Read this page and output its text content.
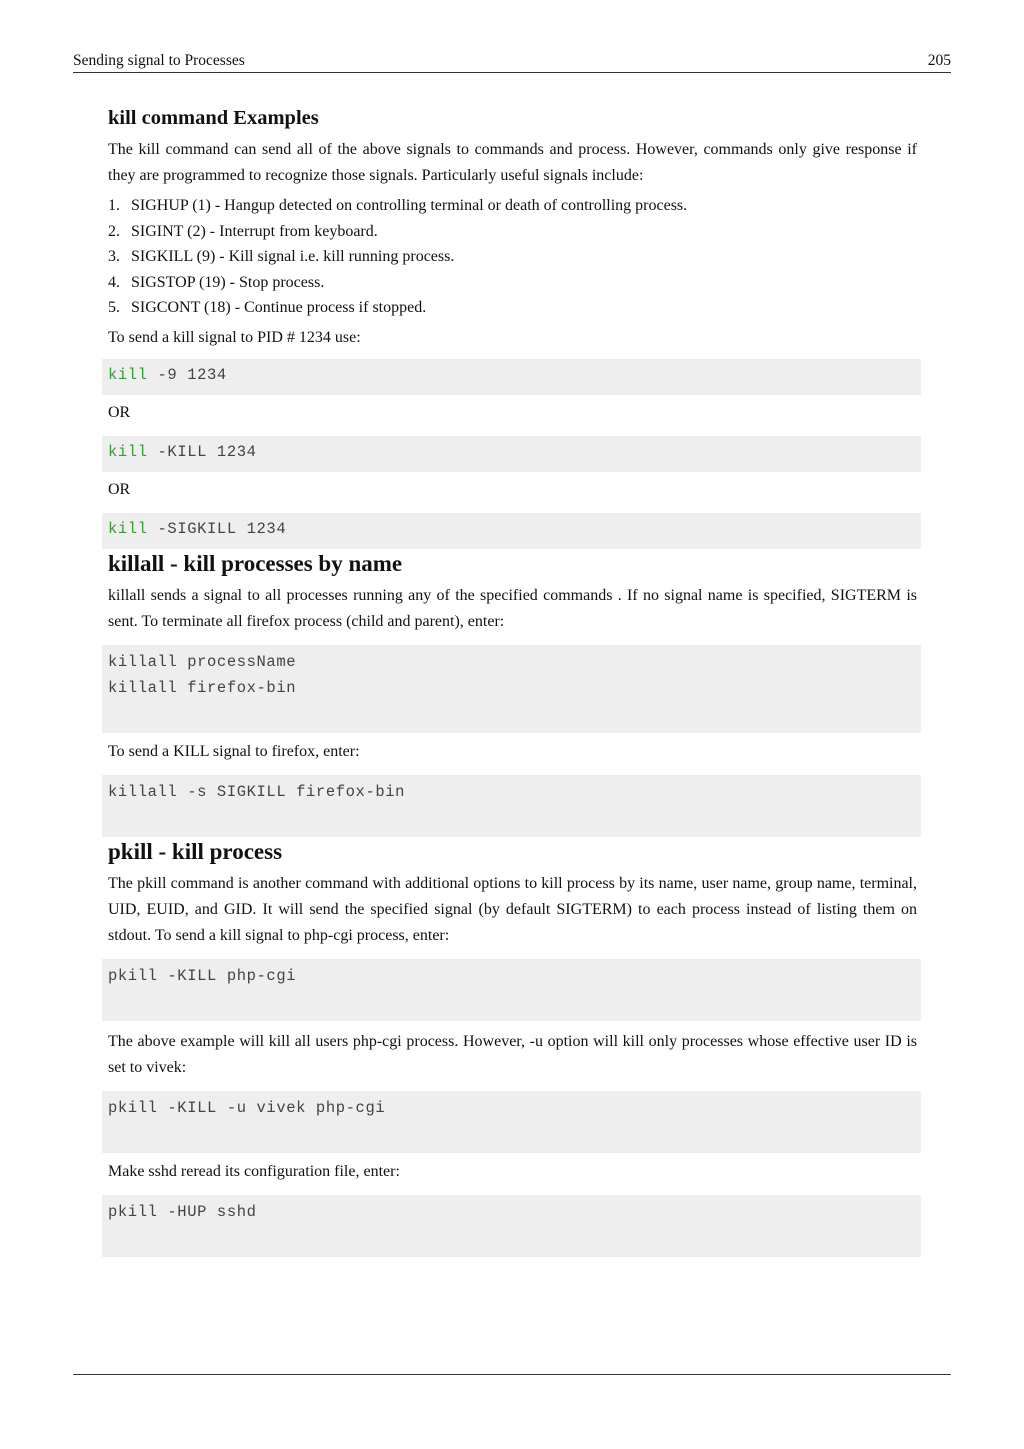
Sending signal to Processes	205
kill command Examples

The kill command can send all of the above signals to commands and process. However, commands only give response if they are programmed to recognize those signals. Particularly useful signals include:

1. SIGHUP (1) - Hangup detected on controlling terminal or death of controlling process.
2. SIGINT (2) - Interrupt from keyboard.
3. SIGKILL (9) - Kill signal i.e. kill running process.
4. SIGSTOP (19) - Stop process.
5. SIGCONT (18) - Continue process if stopped.

To send a kill signal to PID # 1234 use:

kill -9 1234

OR

kill -KILL 1234

OR

kill -SIGKILL 1234
killall - kill processes by name

killall sends a signal to all processes running any of the specified commands . If no signal name is specified, SIGTERM is sent. To terminate all firefox process (child and parent), enter:

killall processName
killall firefox-bin

To send a KILL signal to firefox, enter:

killall -s SIGKILL firefox-bin
pkill - kill process

The pkill command is another command with additional options to kill process by its name, user name, group name, terminal, UID, EUID, and GID. It will send the specified signal (by default SIGTERM) to each process instead of listing them on stdout. To send a kill signal to php-cgi process, enter:

pkill -KILL php-cgi

The above example will kill all users php-cgi process. However, -u option will kill only processes whose effective user ID is set to vivek:

pkill -KILL -u vivek php-cgi

Make sshd reread its configuration file, enter:

pkill -HUP sshd
